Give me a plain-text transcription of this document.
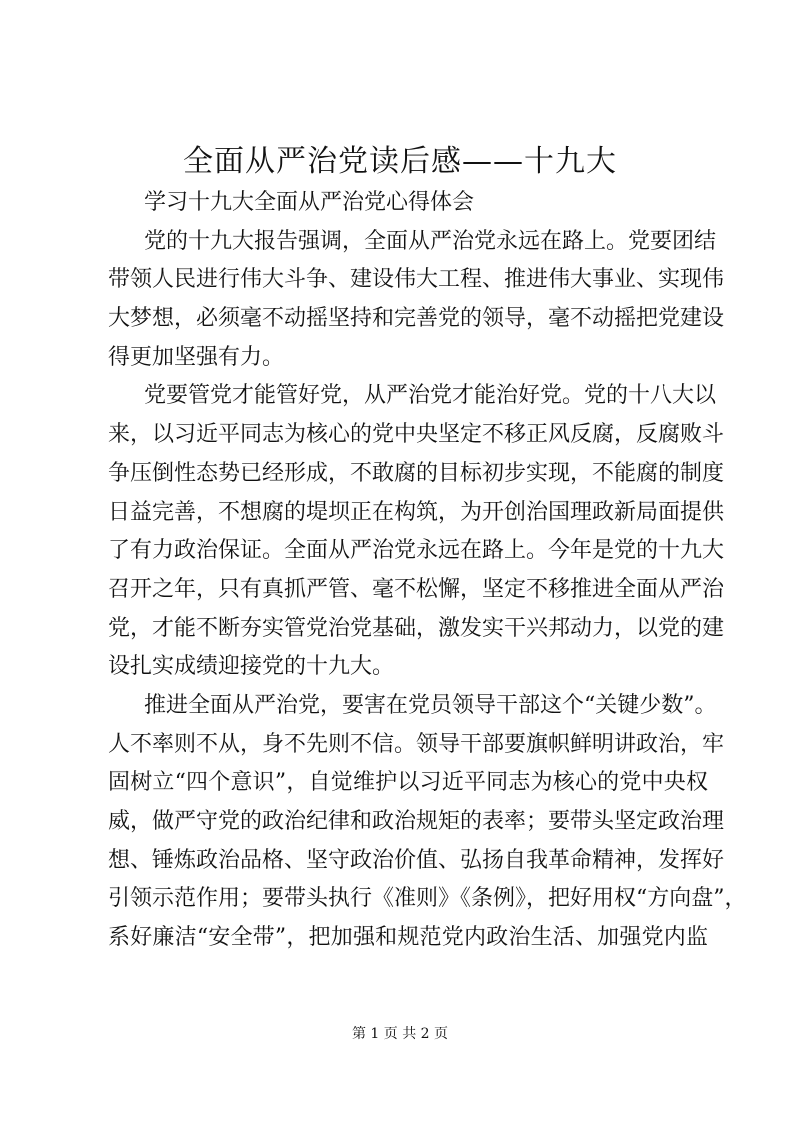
全面从严治党读后感——十九大
学习十九大全面从严治党心得体会
党的十九大报告强调，全面从严治党永远在路上。党要团结
带领人民进行伟大斗争、建设伟大工程、推进伟大事业、实现伟
大梦想，必须毫不动摇坚持和完善党的领导，毫不动摇把党建设
得更加坚强有力。
党要管党才能管好党，从严治党才能治好党。党的十八大以
来，以习近平同志为核心的党中央坚定不移正风反腐，反腐败斗
争压倒性态势已经形成，不敢腐的目标初步实现，不能腐的制度
日益完善，不想腐的堤坝正在构筑，为开创治国理政新局面提供
了有力政治保证。全面从严治党永远在路上。今年是党的十九大
召开之年，只有真抓严管、毫不松懈，坚定不移推进全面从严治
党，才能不断夯实管党治党基础，激发实干兴邦动力，以党的建
设扎实成绩迎接党的十九大。
推进全面从严治党，要害在党员领导干部这个“关键少数”。
人不率则不从，身不先则不信。领导干部要旗帜鲜明讲政治，牢
固树立“四个意识”，自觉维护以习近平同志为核心的党中央权
威，做严守党的政治纪律和政治规矩的表率；要带头坚定政治理
想、锤炼政治品格、坚守政治价值、弘扬自我革命精神，发挥好
引领示范作用；要带头执行《准则》《条例》，把好用权“方向盘”，
系好廉洁“安全带”，把加强和规范党内政治生活、加强党内监
第 1 页 共 2 页
